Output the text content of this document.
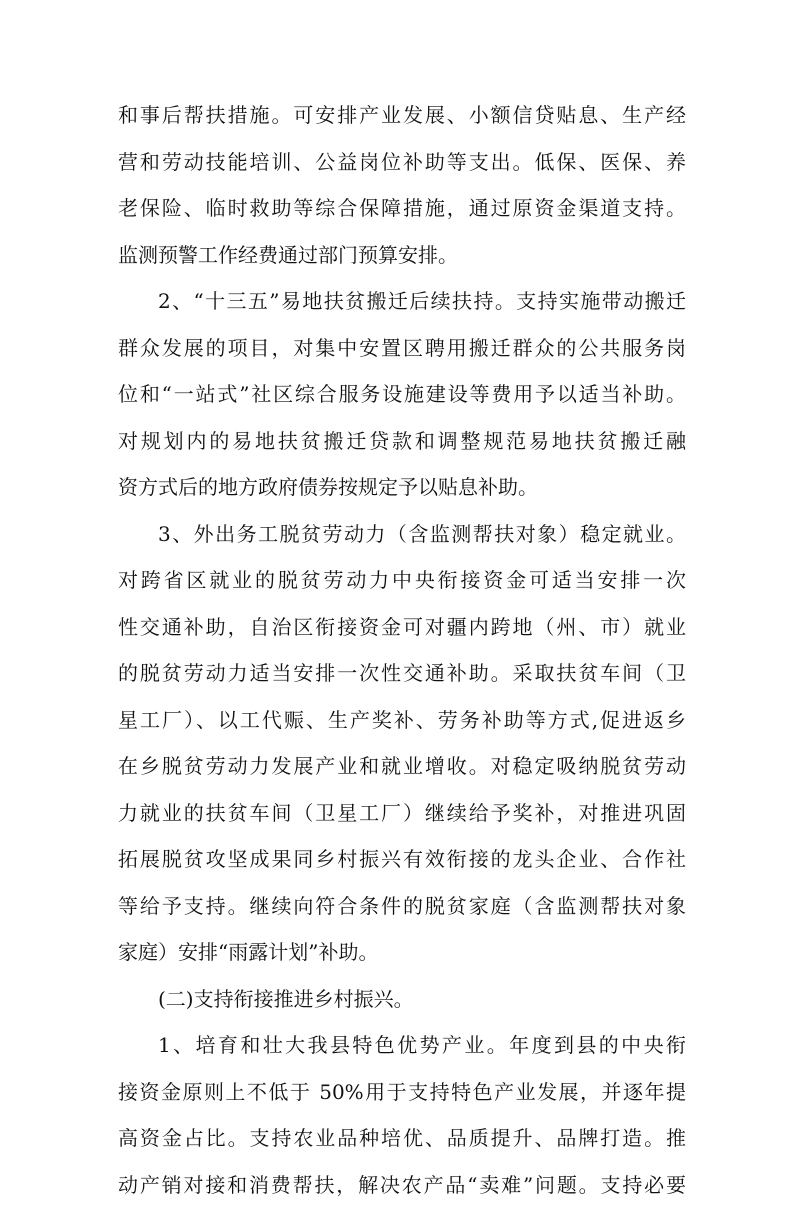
和事后帮扶措施。可安排产业发展、小额信贷贴息、生产经
营和劳动技能培训、公益岗位补助等支出。低保、医保、养
老保险、临时救助等综合保障措施，通过原资金渠道支持。
监测预警工作经费通过部门预算安排。
2、“十三五”易地扶贫搬迁后续扶持。支持实施带动搬迁
群众发展的项目，对集中安置区聘用搬迁群众的公共服务岗
位和“一站式”社区综合服务设施建设等费用予以适当补助。
对规划内的易地扶贫搬迁贷款和调整规范易地扶贫搬迁融
资方式后的地方政府债券按规定予以贴息补助。
3、外出务工脱贫劳动力（含监测帮扶对象）稳定就业。
对跨省区就业的脱贫劳动力中央衔接资金可适当安排一次
性交通补助，自治区衔接资金可对疆内跨地（州、市）就业
的脱贫劳动力适当安排一次性交通补助。采取扶贫车间（卫
星工厂）、以工代赈、生产奖补、劳务补助等方式,促进返乡
在乡脱贫劳动力发展产业和就业增收。对稳定吸纳脱贫劳动
力就业的扶贫车间（卫星工厂）继续给予奖补，对推进巩固
拓展脱贫攻坚成果同乡村振兴有效衔接的龙头企业、合作社
等给予支持。继续向符合条件的脱贫家庭（含监测帮扶对象
家庭）安排“雨露计划”补助。
(二)支持衔接推进乡村振兴。
1、培育和壮大我县特色优势产业。年度到县的中央衔
接资金原则上不低于 50%用于支持特色产业发展，并逐年提
高资金占比。支持农业品种培优、品质提升、品牌打造。推
动产销对接和消费帮扶，解决农产品“卖难”问题。支持必要
